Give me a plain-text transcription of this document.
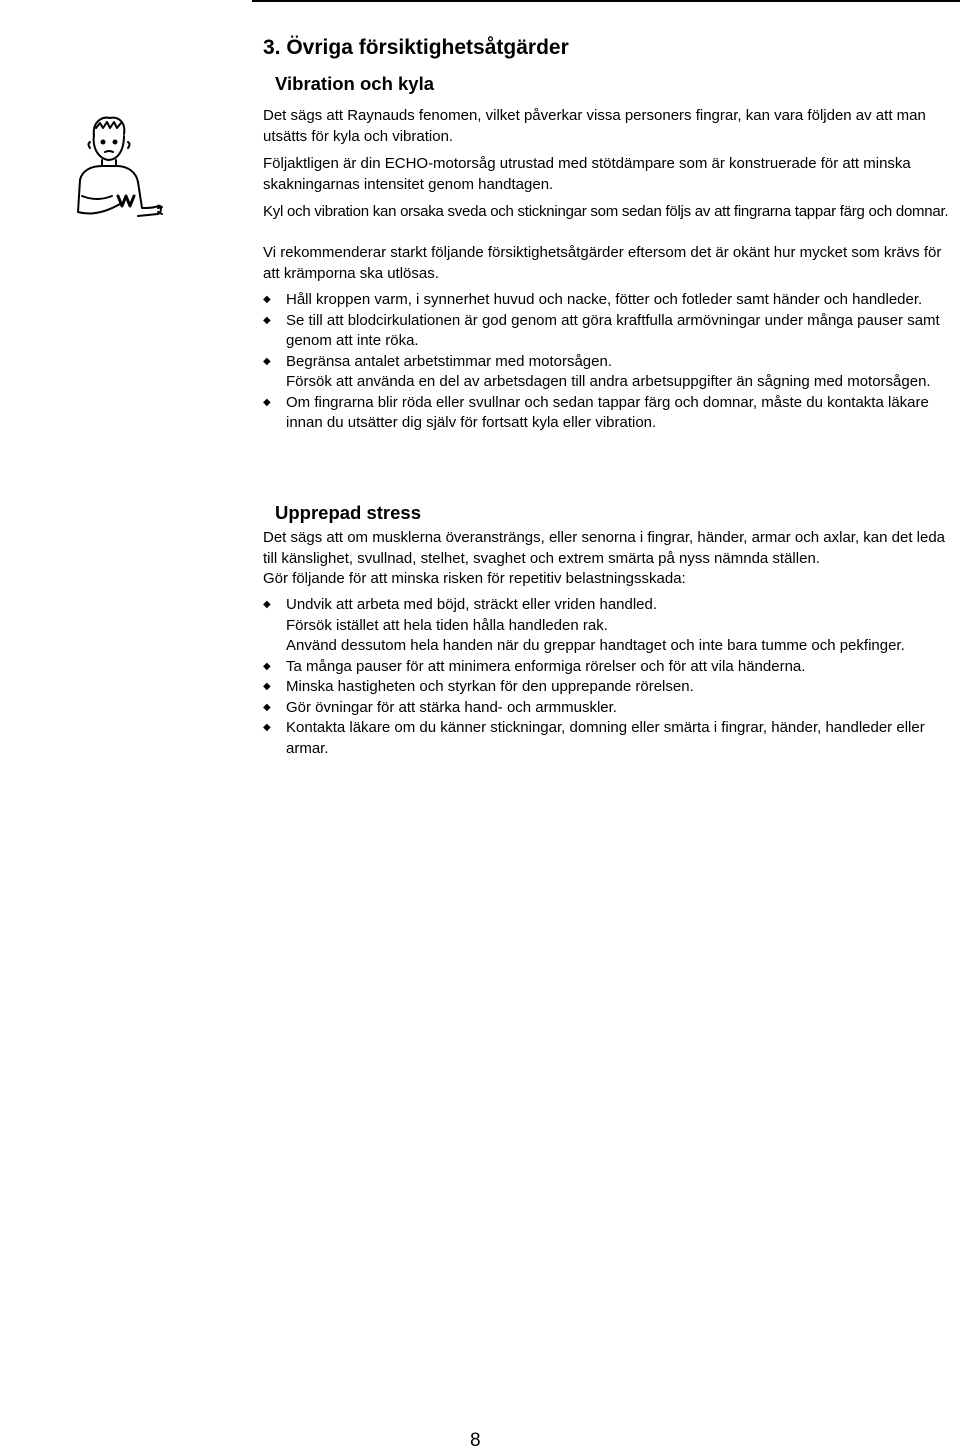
3. Övriga försiktighetsåtgärder
Vibration och kyla

Det sägs att Raynauds fenomen, vilket påverkar vissa personers fingrar, kan vara följden av att man utsätts för kyla och vibration.

Följaktligen är din ECHO-motorsåg utrustad med stötdämpare som är konstruerade för att minska skakningarnas intensitet genom handtagen.

Kyl och vibration kan orsaka sveda och stickningar som sedan följs av att fingrarna tappar färg och domnar.

Vi rekommenderar starkt följande försiktighetsåtgärder eftersom det är okänt hur mycket som krävs för att krämporna ska utlösas.

◆ Håll kroppen varm, i synnerhet huvud och nacke, fötter och fotleder samt händer och handleder.
◆ Se till att blodcirkulationen är god genom att göra kraftfulla armövningar under många pauser samt genom att inte röka.
◆ Begränsa antalet arbetstimmar med motorsågen.
Försök att använda en del av arbetsdagen till andra arbetsuppgifter än sågning med motorsågen.
◆ Om fingrarna blir röda eller svullnar och sedan tappar färg och domnar, måste du kontakta läkare innan du utsätter dig själv för fortsatt kyla eller vibration.
Upprepad stress

Det sägs att om musklerna överansträngs, eller senorna i fingrar, händer, armar och axlar, kan det leda till känslighet, svullnad, stelhet, svaghet och extrem smärta på nyss nämnda ställen.

Gör följande för att minska risken för repetitiv belastningsskada:

◆ Undvik att arbeta med böjd, sträckt eller vriden handled.
Försök istället att hela tiden hålla handleden rak.
Använd dessutom hela handen när du greppar handtaget och inte bara tumme och pekfinger.
◆ Ta många pauser för att minimera enformiga rörelser och för att vila händerna.
◆ Minska hastigheten och styrkan för den upprepande rörelsen.
◆ Gör övningar för att stärka hand- och armmuskler.
◆ Kontakta läkare om du känner stickningar, domning eller smärta i fingrar, händer, handleder eller armar.
8
